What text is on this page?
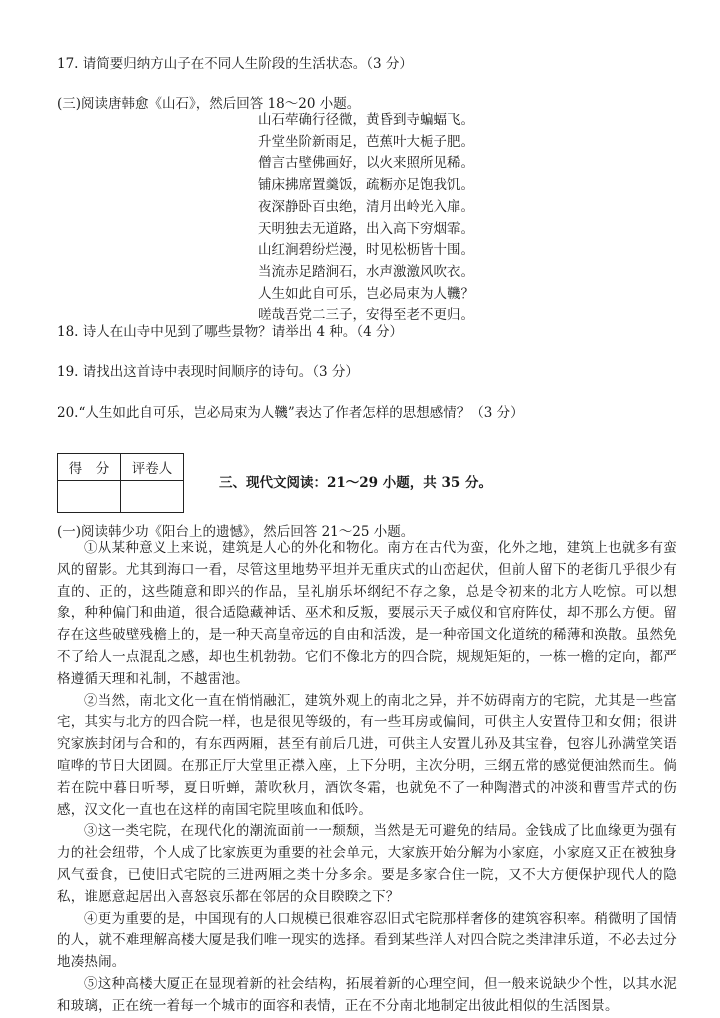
17. 请简要归纳方山子在不同人生阶段的生活状态。（3 分）
(三)阅读唐韩愈《山石》，然后回答 18～20 小题。
山石荦确行径微，黄昏到寺蝙蝠飞。
升堂坐阶新雨足，芭蕉叶大栀子肥。
僧言古壁佛画好，以火来照所见稀。
铺床拂席置羹饭，疏粝亦足饱我饥。
夜深静卧百虫绝，清月出岭光入扉。
天明独去无道路，出入高下穷烟霏。
山红涧碧纷烂漫，时见松枥皆十围。
当流赤足踏涧石，水声激激风吹衣。
人生如此自可乐，岂必局束为人鞿？
嗟哉吾党二三子，安得至老不更归。
18. 诗人在山寺中见到了哪些景物？请举出 4 种。（4 分）
19. 请找出这首诗中表现时间顺序的诗句。（3 分）
20.“人生如此自可乐，岂必局束为人鞿”表达了作者怎样的思想感情？（3 分）
得　分	评卷人

三、现代文阅读：21～29 小题，共 35 分。
(一)阅读韩少功《阳台上的遗憾》，然后回答 21～25 小题。

①从某种意义上来说，建筑是人心的外化和物化。南方在古代为蛮，化外之地，建筑上也就多有蛮风的留影。尤其到海口一看，尽管这里地势平坦并无重庆式的山峦起伏，但前人留下的老街几乎很少有直的、正的，这些随意和即兴的作品，呈礼崩乐坏纲纪不存之象，总是令初来的北方人吃惊。可以想象，种种偏门和曲道，很合适隐藏神话、巫术和反叛，要展示天子威仪和官府阵仗，却不那么方便。留存在这些破壁残檐上的，是一种天高皇帝远的自由和活泼，是一种帝国文化道统的稀薄和涣散。虽然免不了给人一点混乱之感，却也生机勃勃。它们不像北方的四合院，规规矩矩的，一栋一檐的定向，都严格遵循天理和礼制，不越雷池。

②当然，南北文化一直在悄悄融汇，建筑外观上的南北之异，并不妨碍南方的宅院，尤其是一些富宅，其实与北方的四合院一样，也是很见等级的，有一些耳房或偏间，可供主人安置侍卫和女佣；很讲究家族封闭与合和的，有东西两厢，甚至有前后几进，可供主人安置儿孙及其宝眷，包容儿孙满堂笑语喧哗的节日大团圆。在那正厅大堂里正襟入座，上下分明，主次分明，三纲五常的感觉便油然而生。倘若在院中暮日听琴，夏日听蝉，萧吹秋月，酒饮冬霜，也就免不了一种陶潜式的冲淡和曹雪芹式的伤感，汉文化一直也在这样的南国宅院里咳血和低吟。

③这一类宅院，在现代化的潮流面前一一颓颓，当然是无可避免的结局。金钱成了比血缘更为强有力的社会纽带，个人成了比家族更为重要的社会单元，大家族开始分解为小家庭，小家庭又正在被独身风气蚕食，已使旧式宅院的三进两厢之类十分多余。要是多家合住一院，又不大方便保护现代人的隐私，谁愿意起居出入喜怒哀乐都在邻居的众目睽睽之下？

④更为重要的是，中国现有的人口规模已很难容忍旧式宅院那样奢侈的建筑容积率。稍微明了国情的人，就不难理解高楼大厦是我们唯一现实的选择。看到某些洋人对四合院之类津津乐道，不必去过分地凑热闹。

⑤这种高楼大厦正在显现着新的社会结构，拓展着新的心理空间，但一般来说缺少个性，以其水泥和玻璃，正在统一着每一个城市的面容和表情，正在不分南北地制定出彼此相似的生活图景。
